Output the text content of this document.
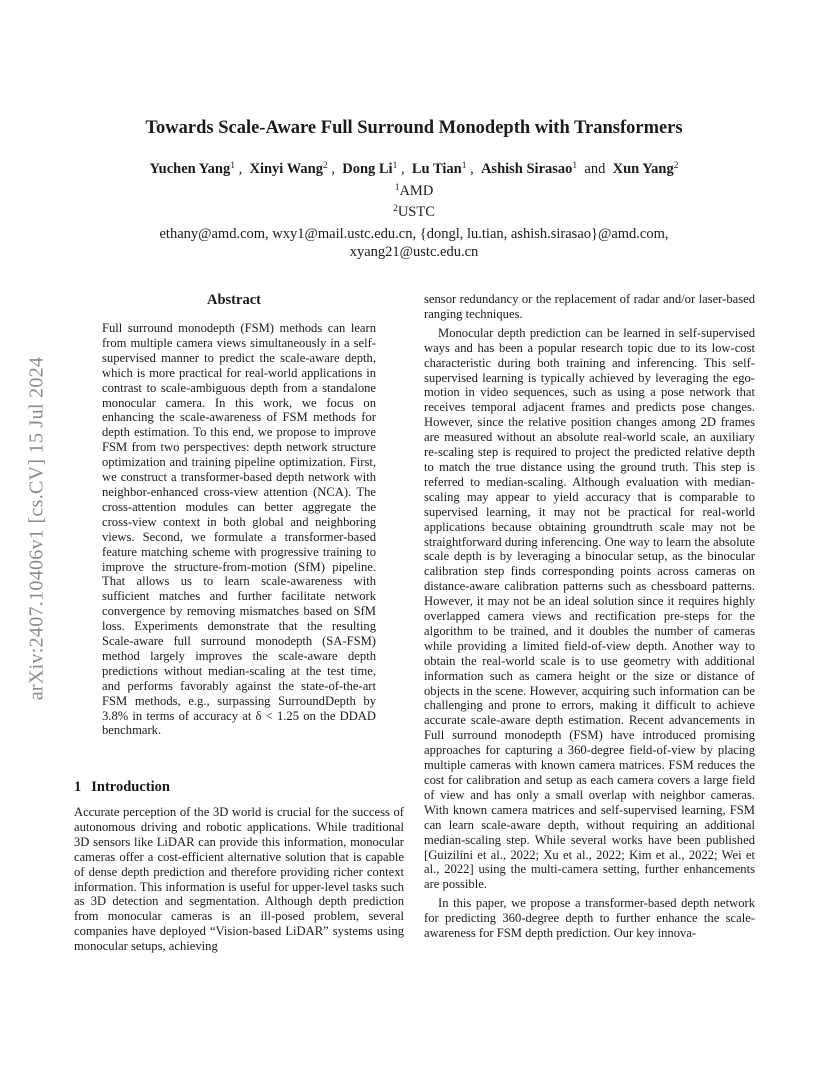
arXiv:2407.10406v1 [cs.CV] 15 Jul 2024
Towards Scale-Aware Full Surround Monodepth with Transformers
Yuchen Yang$^1$ ,  Xinyi Wang$^2$ ,  Dong Li$^1$ ,  Lu Tian$^1$ ,  Ashish Sirasao$^1$ and Xun Yang$^2$
$^1$AMD
$^2$USTC
ethany@amd.com, wxy1@mail.ustc.edu.cn, {dongl, lu.tian, ashish.sirasao}@amd.com, xyang21@ustc.edu.cn
Abstract

Full surround monodepth (FSM) methods can learn from multiple camera views simultaneously in a self-supervised manner to predict the scale-aware depth, which is more practical for real-world applications in contrast to scale-ambiguous depth from a standalone monocular camera. In this work, we focus on enhancing the scale-awareness of FSM methods for depth estimation. To this end, we propose to improve FSM from two perspectives: depth network structure optimization and training pipeline optimization. First, we construct a transformer-based depth network with neighbor-enhanced cross-view attention (NCA). The cross-attention modules can better aggregate the cross-view context in both global and neighboring views. Second, we formulate a transformer-based feature matching scheme with progressive training to improve the structure-from-motion (SfM) pipeline. That allows us to learn scale-awareness with sufficient matches and further facilitate network convergence by removing mismatches based on SfM loss. Experiments demonstrate that the resulting Scale-aware full surround monodepth (SA-FSM) method largely improves the scale-aware depth predictions without median-scaling at the test time, and performs favorably against the state-of-the-art FSM methods, e.g., surpassing SurroundDepth by 3.8% in terms of accuracy at δ < 1.25 on the DDAD benchmark.

1 Introduction

Accurate perception of the 3D world is crucial for the success of autonomous driving and robotic applications. While traditional 3D sensors like LiDAR can provide this information, monocular cameras offer a cost-efficient alternative solution that is capable of dense depth prediction and therefore providing richer context information. This information is useful for upper-level tasks such as 3D detection and segmentation. Although depth prediction from monocular cameras is an ill-posed problem, several companies have deployed “Vision-based LiDAR” systems using monocular setups, achieving

sensor redundancy or the replacement of radar and/or laser-based ranging techniques.

Monocular depth prediction can be learned in self-supervised ways and has been a popular research topic due to its low-cost characteristic during both training and inferencing. This self-supervised learning is typically achieved by leveraging the ego-motion in video sequences, such as using a pose network that receives temporal adjacent frames and predicts pose changes. However, since the relative position changes among 2D frames are measured without an absolute real-world scale, an auxiliary re-scaling step is required to project the predicted relative depth to match the true distance using the ground truth. This step is referred to median-scaling. Although evaluation with median-scaling may appear to yield accuracy that is comparable to supervised learning, it may not be practical for real-world applications because obtaining groundtruth scale may not be straightforward during inferencing. One way to learn the absolute scale depth is by leveraging a binocular setup, as the binocular calibration step finds corresponding points across cameras on distance-aware calibration patterns such as chessboard patterns. However, it may not be an ideal solution since it requires highly overlapped camera views and rectification pre-steps for the algorithm to be trained, and it doubles the number of cameras while providing a limited field-of-view depth. Another way to obtain the real-world scale is to use geometry with additional information such as camera height or the size or distance of objects in the scene. However, acquiring such information can be challenging and prone to errors, making it difficult to achieve accurate scale-aware depth estimation. Recent advancements in Full surround monodepth (FSM) have introduced promising approaches for capturing a 360-degree field-of-view by placing multiple cameras with known camera matrices. FSM reduces the cost for calibration and setup as each camera covers a large field of view and has only a small overlap with neighbor cameras. With known camera matrices and self-supervised learning, FSM can learn scale-aware depth, without requiring an additional median-scaling step. While several works have been published [Guizilini et al., 2022; Xu et al., 2022; Kim et al., 2022; Wei et al., 2022] using the multi-camera setting, further enhancements are possible.

In this paper, we propose a transformer-based depth network for predicting 360-degree depth to further enhance the scale-awareness for FSM depth prediction. Our key innova-
